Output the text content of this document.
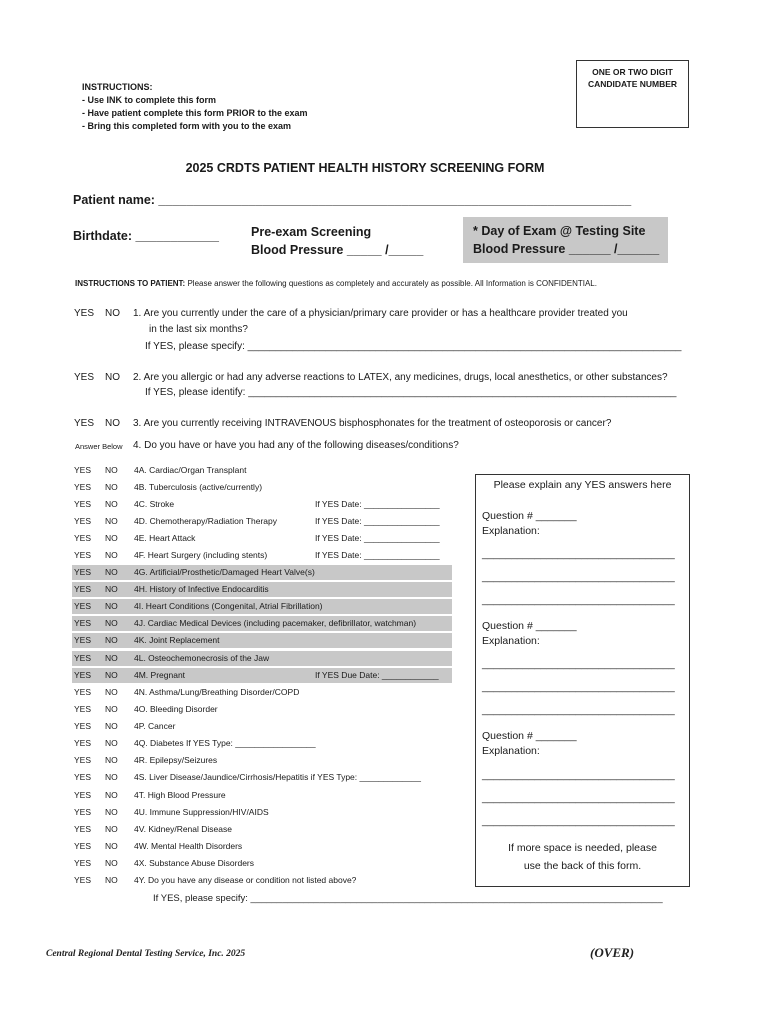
INSTRUCTIONS:
- Use INK to complete this form
- Have patient complete this form PRIOR to the exam
- Bring this completed form with you to the exam
ONE OR TWO DIGIT
CANDIDATE NUMBER
2025 CRDTS PATIENT HEALTH HISTORY SCREENING FORM
Patient name: ____________________________________________________________________
Birthdate: ____________	Pre-exam Screening
Blood Pressure _____ /_____
* Day of Exam @ Testing Site
Blood Pressure ______ /______
INSTRUCTIONS TO PATIENT: Please answer the following questions as completely and accurately as possible. All Information is CONFIDENTIAL.
YES NO 1. Are you currently under the care of a physician/primary care provider or has a healthcare provider treated you
in the last six months?
If YES, please specify: ______________________________________________________________________________
YES NO 2. Are you allergic or had any adverse reactions to LATEX, any medicines, drugs, local anesthetics, or other substances?
If YES, please identify: _____________________________________________________________________________
YES NO 3. Are you currently receiving INTRAVENOUS bisphosphonates for the treatment of osteoporosis or cancer?
Answer Below 4. Do you have or have you had any of the following diseases/conditions?
YES NO 4A. Cardiac/Organ Transplant
YES NO 4B. Tuberculosis (active/currently)
YES NO 4C. Stroke	If YES Date: ________________
YES NO 4D. Chemotherapy/Radiation Therapy	If YES Date: ________________
YES NO 4E. Heart Attack	If YES Date: ________________
YES NO 4F. Heart Surgery (including stents)	If YES Date: ________________
YES NO 4G. Artificial/Prosthetic/Damaged Heart Valve(s)
YES NO 4H. History of Infective Endocarditis
YES NO 4I. Heart Conditions (Congenital, Atrial Fibrillation)
YES NO 4J. Cardiac Medical Devices (including pacemaker, defibrillator, watchman)
YES NO 4K. Joint Replacement
YES NO 4L. Osteochemonecrosis of the Jaw
YES NO 4M. Pregnant	If YES Due Date: ____________
YES NO 4N. Asthma/Lung/Breathing Disorder/COPD
YES NO 4O. Bleeding Disorder
YES NO 4P. Cancer
YES NO 4Q. Diabetes If YES Type: _________________
YES NO 4R. Epilepsy/Seizures
YES NO 4S. Liver Disease/Jaundice/Cirrhosis/Hepatitis if YES Type: _____________
YES NO 4T. High Blood Pressure
YES NO 4U. Immune Suppression/HIV/AIDS
YES NO 4V. Kidney/Renal Disease
YES NO 4W. Mental Health Disorders
YES NO 4X. Substance Abuse Disorders
YES NO 4Y. Do you have any disease or condition not listed above?
If YES, please specify: ______________________________________________________________________________
Please explain any YES answers here
Question # _______
Explanation:
_________________________________
_________________________________
_________________________________
Question # _______
Explanation:
_________________________________
_________________________________
_________________________________
Question # _______
Explanation:
_________________________________
_________________________________
_________________________________
If more space is needed, please
use the back of this form.
Central Regional Dental Testing Service, Inc. 2025	(OVER)
